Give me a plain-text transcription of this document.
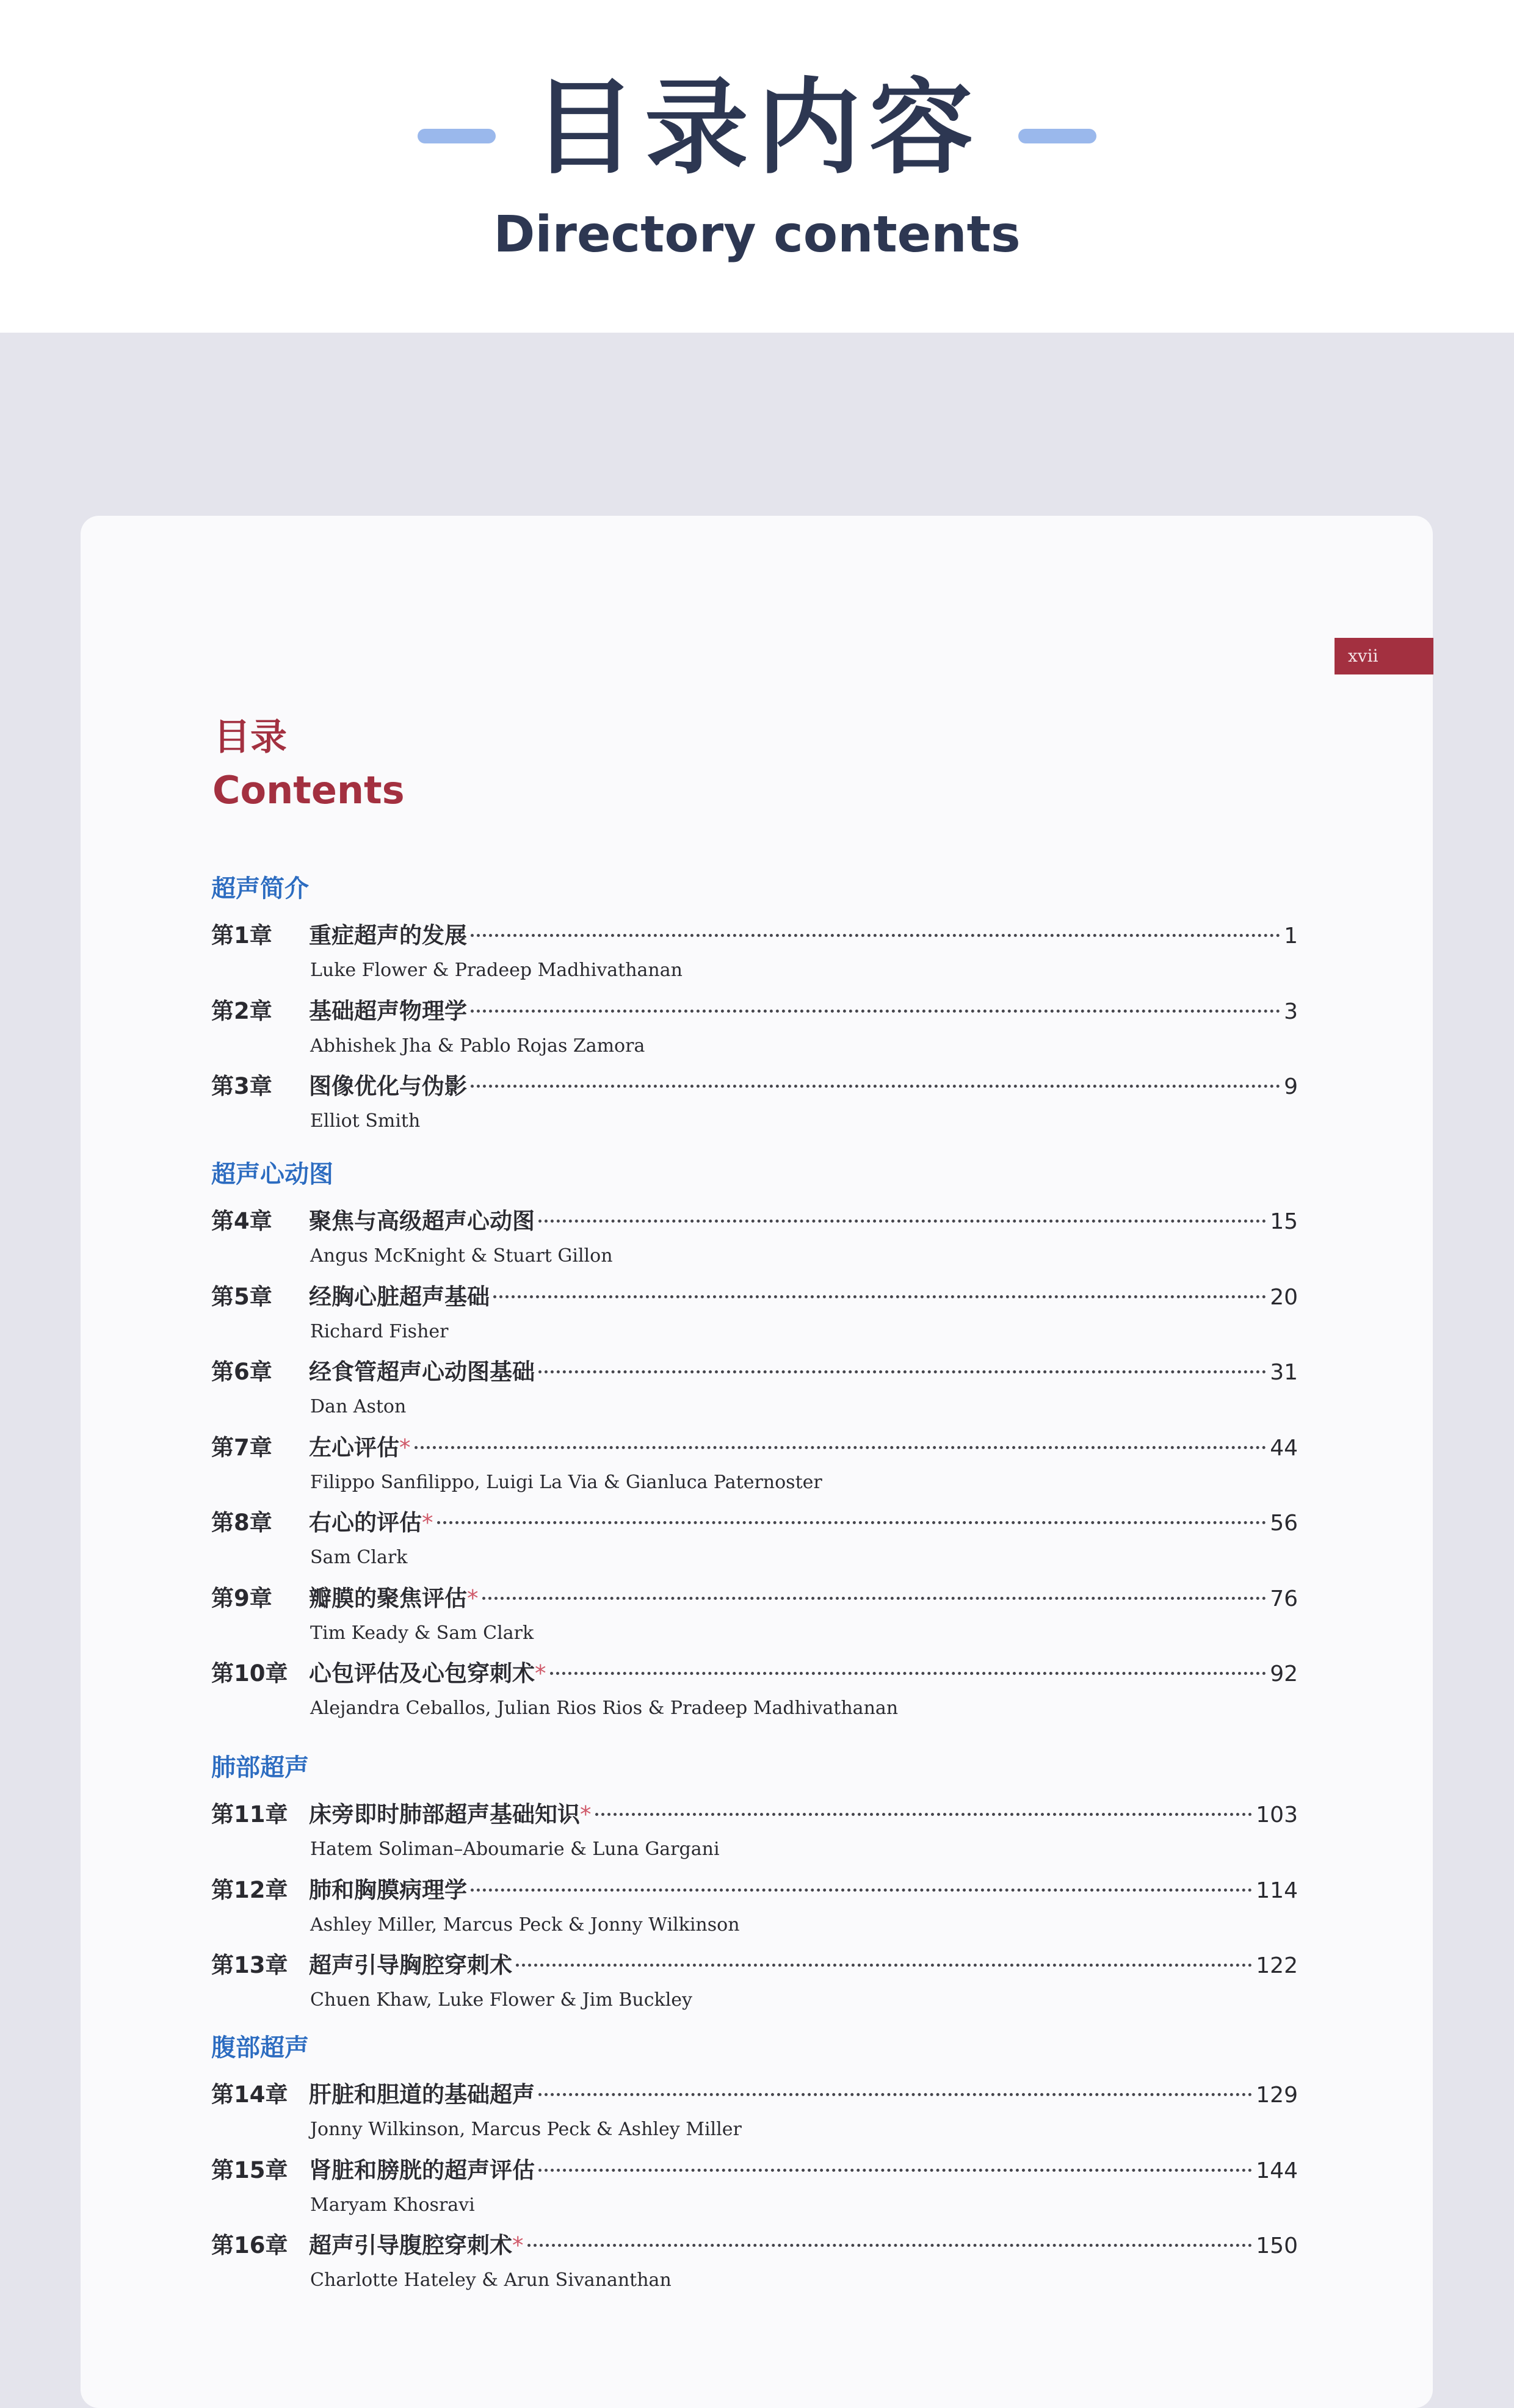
目录内容
Directory contents
xvii
目录
Contents
超声简介
第1章	重症超声的发展	1
Luke Flower & Pradeep Madhivathanan
第2章	基础超声物理学	3
Abhishek Jha & Pablo Rojas Zamora
第3章	图像优化与伪影	9
Elliot Smith
超声心动图
第4章	聚焦与高级超声心动图	15
Angus McKnight & Stuart Gillon
第5章	经胸心脏超声基础	20
Richard Fisher
第6章	经食管超声心动图基础	31
Dan Aston
第7章	左心评估 *	44
Filippo Sanfilippo, Luigi La Via & Gianluca Paternoster
第8章	右心的评估 *	56
Sam Clark
第9章	瓣膜的聚焦评估 *	76
Tim Keady & Sam Clark
第10章 心包评估及心包穿刺术 *	92
Alejandra Ceballos, Julian Rios Rios & Pradeep Madhivathanan
肺部超声
第11章 床旁即时肺部超声基础知识 *	103
Hatem Soliman–Aboumarie & Luna Gargani
第12章 肺和胸膜病理学	114
Ashley Miller, Marcus Peck & Jonny Wilkinson
第13章 超声引导胸腔穿刺术	122
Chuen Khaw, Luke Flower & Jim Buckley
腹部超声
第14章 肝脏和胆道的基础超声	129
Jonny Wilkinson, Marcus Peck & Ashley Miller
第15章 肾脏和膀胱的超声评估	144
Maryam Khosravi
第16章 超声引导腹腔穿刺术 *	150
Charlotte Hateley & Arun Sivananthan
